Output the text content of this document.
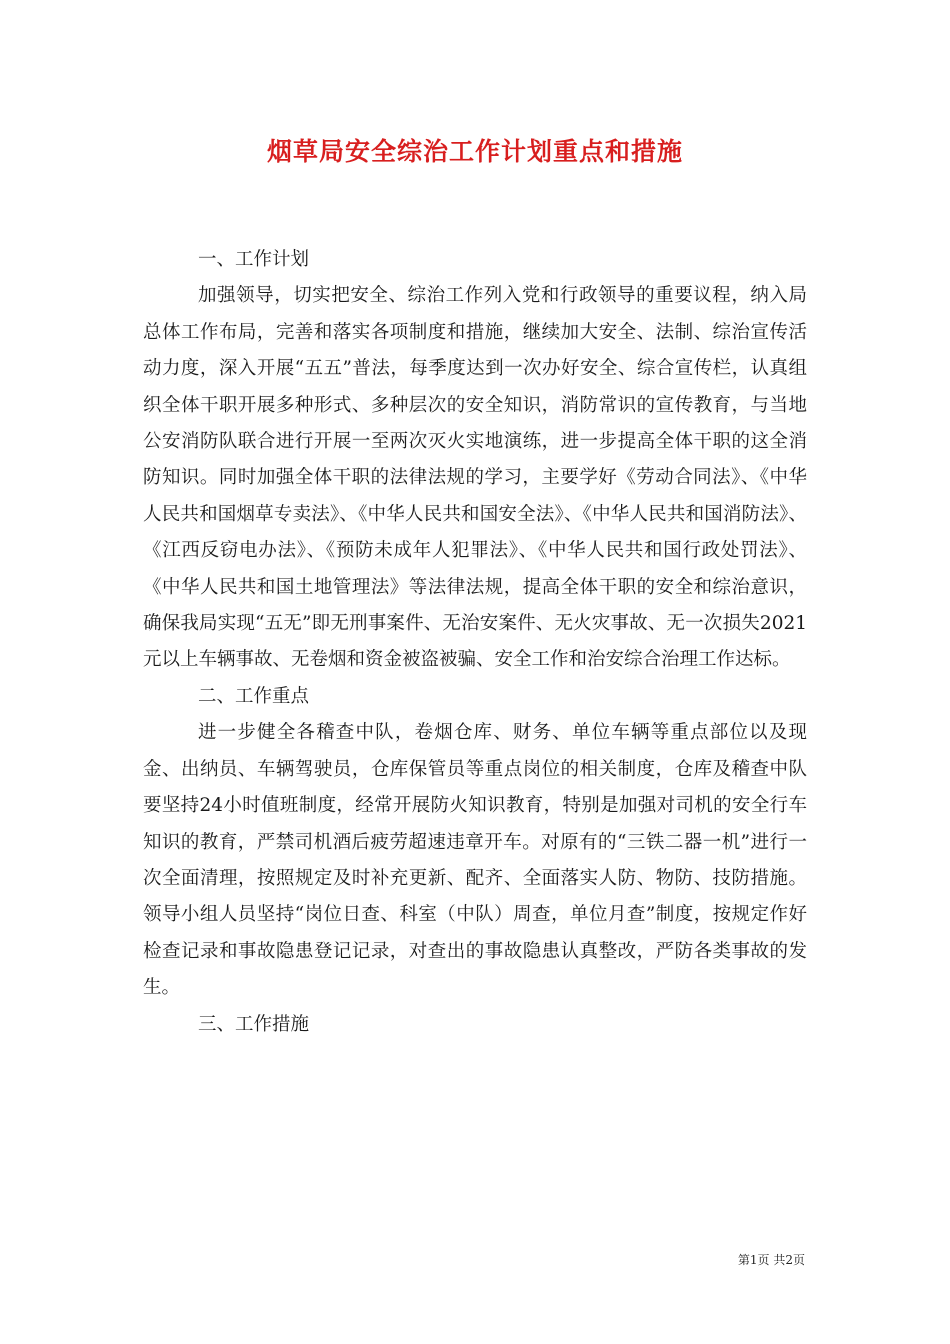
烟草局安全综治工作计划重点和措施
一、工作计划
加强领导，切实把安全、综治工作列入党和行政领导的重要议程，纳入局总体工作布局，完善和落实各项制度和措施，继续加大安全、法制、综治宣传活动力度，深入开展“五五”普法，每季度达到一次办好安全、综合宣传栏，认真组织全体干职开展多种形式、多种层次的安全知识，消防常识的宣传教育，与当地公安消防队联合进行开展一至两次灭火实地演练，进一步提高全体干职的这全消防知识。同时加强全体干职的法律法规的学习，主要学好《劳动合同法》、《中华人民共和国烟草专卖法》、《中华人民共和国安全法》、《中华人民共和国消防法》、《江西反窃电办法》、《预防未成年人犯罪法》、《中华人民共和国行政处罚法》、《中华人民共和国土地管理法》等法律法规，提高全体干职的安全和综治意识，确保我局实现“五无”即无刑事案件、无治安案件、无火灾事故、无一次损失2021元以上车辆事故、无卷烟和资金被盗被骗、安全工作和治安综合治理工作达标。
二、工作重点
进一步健全各稽查中队，卷烟仓库、财务、单位车辆等重点部位以及现金、出纳员、车辆驾驶员，仓库保管员等重点岗位的相关制度，仓库及稽查中队要坚持24小时值班制度，经常开展防火知识教育，特别是加强对司机的安全行车知识的教育，严禁司机酒后疲劳超速违章开车。对原有的“三铁二器一机”进行一次全面清理，按照规定及时补充更新、配齐、全面落实人防、物防、技防措施。领导小组人员坚持“岗位日查、科室（中队）周查，单位月查”制度，按规定作好检查记录和事故隐患登记记录，对查出的事故隐患认真整改，严防各类事故的发生。
三、工作措施
第1页 共2页
